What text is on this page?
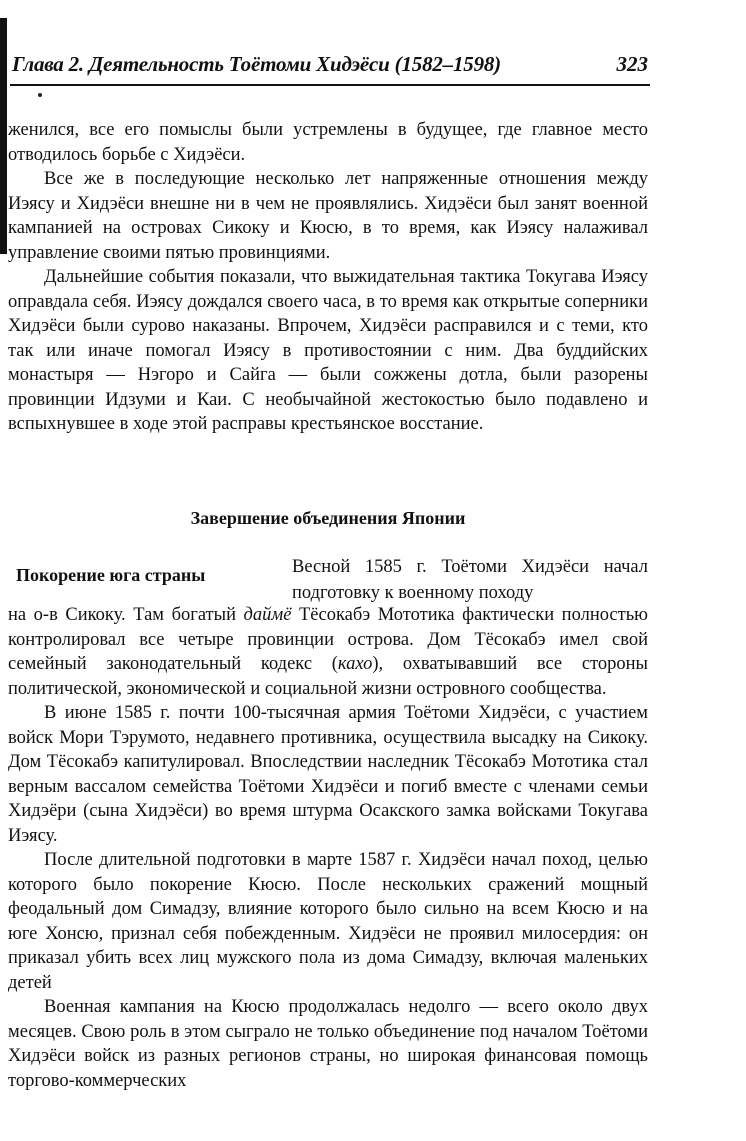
Глава 2. Деятельность Тоётоми Хидэёси (1582–1598)	323

женился, все его помыслы были устремлены в будущее, где главное место отводилось борьбе с Хидэёси.

Все же в последующие несколько лет напряженные отношения между Иэясу и Хидэёси внешне ни в чем не проявлялись. Хидэёси был занят военной кампанией на островах Сикоку и Кюсю, в то время, как Иэясу налаживал управление своими пятью провинциями.

Дальнейшие события показали, что выжидательная тактика Токугава Иэясу оправдала себя. Иэясу дождался своего часа, в то время как открытые соперники Хидэёси были сурово наказаны. Впрочем, Хидэёси расправился и с теми, кто так или иначе помогал Иэясу в противостоянии с ним. Два буддийских монастыря — Нэгоро и Сайга — были сожжены дотла, были разорены провинции Идзуми и Каи. С необычайной жестокостью было подавлено и вспыхнувшее в ходе этой расправы крестьянское восстание.

Завершение объединения Японии
Покорение юга страны	Весной 1585 г. Тоётоми Хидэёси начал подготовку к военному походу

на о-в Сикоку. Там богатый даймё Тёсокабэ Мототика фактически полностью контролировал все четыре провинции острова. Дом Тёсокабэ имел свой семейный законодательный кодекс (кахо), охватывавший все стороны политической, экономической и социальной жизни островного сообщества.

В июне 1585 г. почти 100-тысячная армия Тоётоми Хидэёси, с участием войск Мори Тэрумото, недавнего противника, осуществила высадку на Сикоку. Дом Тёсокабэ капитулировал. Впоследствии наследник Тёсокабэ Мототика стал верным вассалом семейства Тоётоми Хидэёси и погиб вместе с членами семьи Хидэёри (сына Хидэёси) во время штурма Осакского замка войсками Токугава Иэясу.

После длительной подготовки в марте 1587 г. Хидэёси начал поход, целью которого было покорение Кюсю. После нескольких сражений мощный феодальный дом Симадзу, влияние которого было сильно на всем Кюсю и на юге Хонсю, признал себя побежденным. Хидэёси не проявил милосердия: он приказал убить всех лиц мужского пола из дома Симадзу, включая маленьких детей

Военная кампания на Кюсю продолжалась недолго — всего около двух месяцев. Свою роль в этом сыграло не только объединение под началом Тоётоми Хидэёси войск из разных регионов страны, но широкая финансовая помощь торгово-коммерческих
